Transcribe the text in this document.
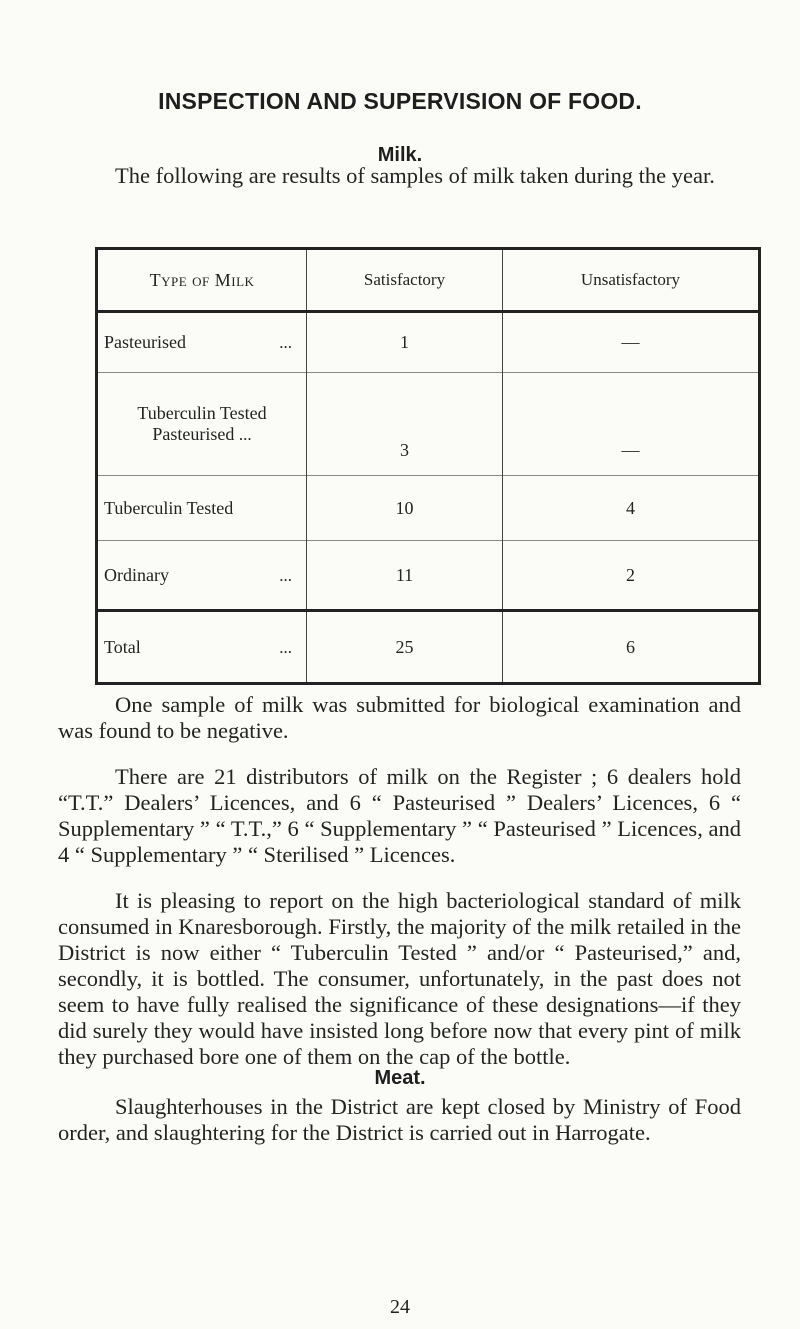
INSPECTION AND SUPERVISION OF FOOD.
Milk.
The following are results of samples of milk taken during the year.
Type of Milk	Satisfactory	Unsatisfactory

Pasteurised ...	1	—

Tuberculin Tested
Pasteurised ...	3	—
Tuberculin Tested	10	4

Ordinary ...	11	2

Total ...	25	6
One sample of milk was submitted for biological examination and was found to be negative.
There are 21 distributors of milk on the Register ; 6 dealers hold “T.T.” Dealers’ Licences, and 6 “ Pasteurised ” Dealers’ Licences, 6 “ Supplementary ” “ T.T.,” 6 “ Supplementary ” “ Pasteurised ” Licences, and 4 “ Supplementary ” “ Sterilised ” Licences.
It is pleasing to report on the high bacteriological standard of milk consumed in Knaresborough. Firstly, the majority of the milk retailed in the District is now either “ Tuberculin Tested ” and/or “ Pasteurised,” and, secondly, it is bottled. The consumer, unfortunately, in the past does not seem to have fully realised the significance of these designations—if they did surely they would have insisted long before now that every pint of milk they purchased bore one of them on the cap of the bottle.
Meat.
Slaughterhouses in the District are kept closed by Ministry of Food order, and slaughtering for the District is carried out in Harrogate.
24
